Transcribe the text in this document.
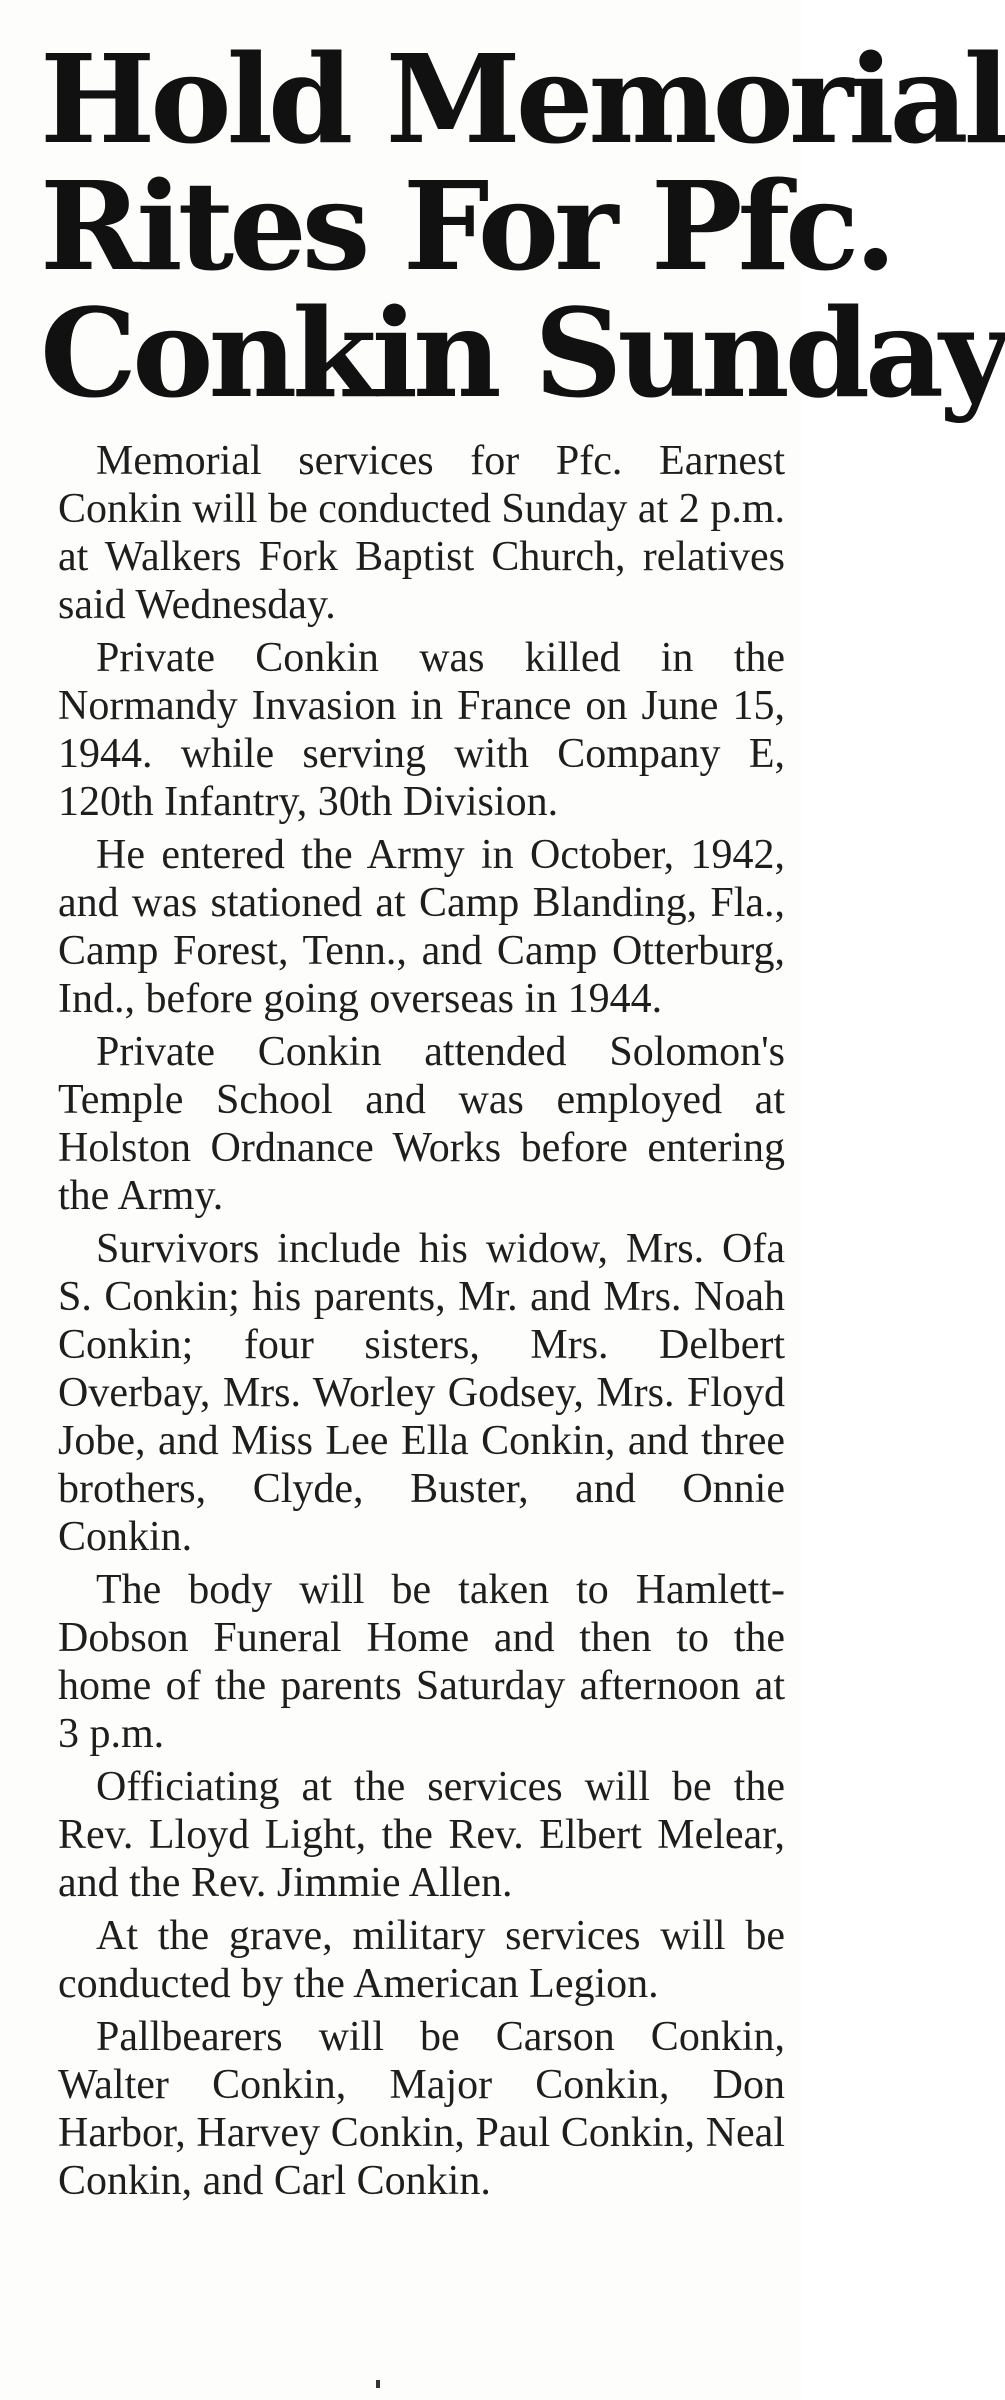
Hold Memorial
Rites For Pfc.
Conkin Sunday

Memorial services for Pfc. Earnest Conkin will be conducted Sunday at 2 p.m. at Walkers Fork Baptist Church, relatives said Wednesday.

Private Conkin was killed in the Normandy Invasion in France on June 15, 1944. while serving with Company E, 120th Infantry, 30th Division.

He entered the Army in October, 1942, and was stationed at Camp Blanding, Fla., Camp Forest, Tenn., and Camp Otterburg, Ind., before going overseas in 1944.

Private Conkin attended Solomon's Temple School and was employed at Holston Ordnance Works before entering the Army.

Survivors include his widow, Mrs. Ofa S. Conkin; his parents, Mr. and Mrs. Noah Conkin; four sisters, Mrs. Delbert Overbay, Mrs. Worley Godsey, Mrs. Floyd Jobe, and Miss Lee Ella Conkin, and three brothers, Clyde, Buster, and Onnie Conkin.

The body will be taken to Hamlett-Dobson Funeral Home and then to the home of the parents Saturday afternoon at 3 p.m.

Officiating at the services will be the Rev. Lloyd Light, the Rev. Elbert Melear, and the Rev. Jimmie Allen.

At the grave, military services will be conducted by the American Legion.

Pallbearers will be Carson Conkin, Walter Conkin, Major Conkin, Don Harbor, Harvey Conkin, Paul Conkin, Neal Conkin, and Carl Conkin.
